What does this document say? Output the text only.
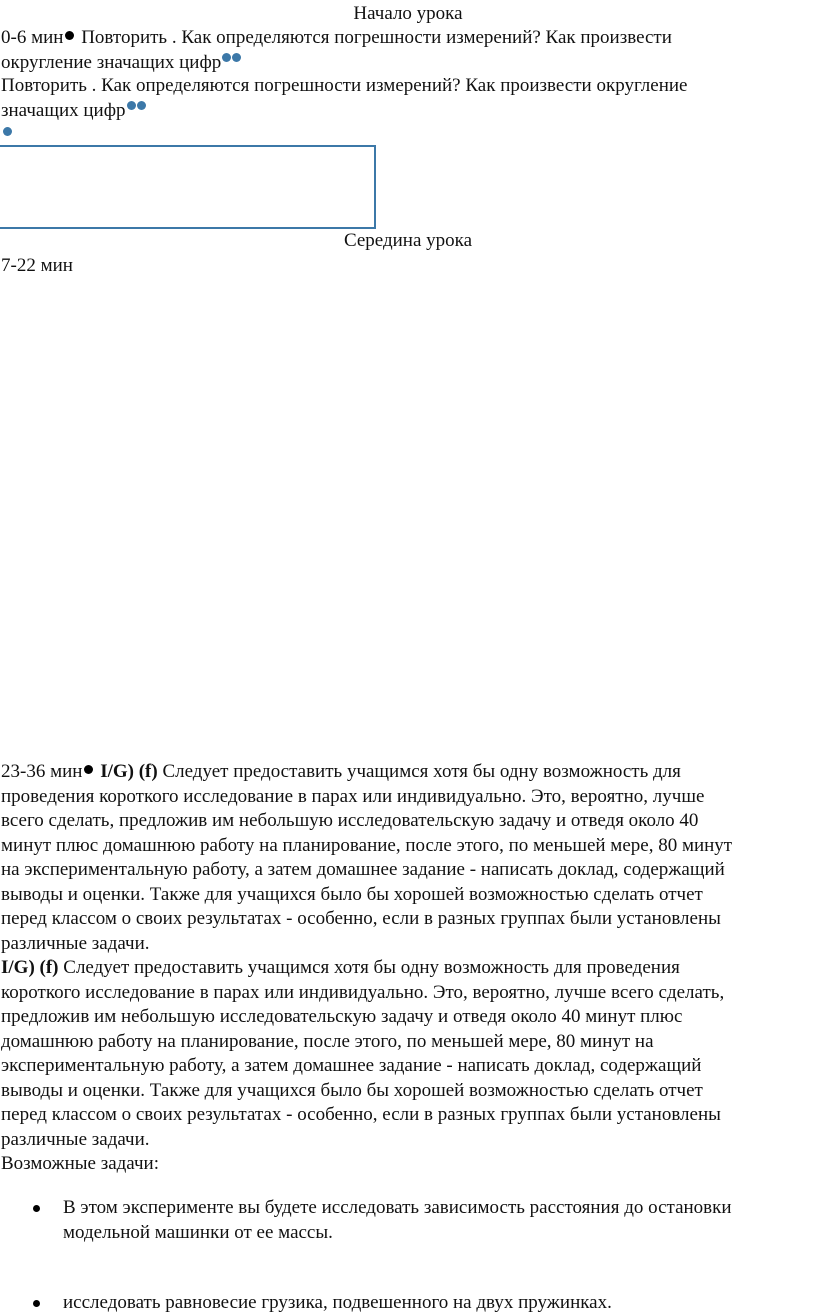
Начало урока
0-6 мин Повторить . Как определяются погрешности измерений? Как произвести
округление значащих цифр
Повторить . Как определяются погрешности измерений? Как произвести округление
значащих цифр
Середина урока
7-22 мин
23-36 мин I/G) (f) Следует предоставить учащимся хотя бы одну возможность для
проведения короткого исследование в парах или индивидуально. Это, вероятно, лучше
всего сделать, предложив им небольшую исследовательскую задачу и отведя около 40
минут плюс домашнюю работу на планирование, после этого, по меньшей мере, 80 минут
на экспериментальную работу, а затем домашнее задание - написать доклад, содержащий
выводы и оценки. Также для учащихся было бы хорошей возможностью сделать отчет
перед классом о своих результатах - особенно, если в разных группах были установлены
различные задачи.
I/G) (f) Следует предоставить учащимся хотя бы одну возможность для проведения
короткого исследование в парах или индивидуально. Это, вероятно, лучше всего сделать,
предложив им небольшую исследовательскую задачу и отведя около 40 минут плюс
домашнюю работу на планирование, после этого, по меньшей мере, 80 минут на
экспериментальную работу, а затем домашнее задание - написать доклад, содержащий
выводы и оценки. Также для учащихся было бы хорошей возможностью сделать отчет
перед классом о своих результатах - особенно, если в разных группах были установлены
различные задачи.
Возможные задачи:
В этом эксперименте вы будете исследовать зависимость расстояния до остановки
модельной машинки от ее массы.
исследовать равновесие грузика, подвешенного на двух пружинках.
